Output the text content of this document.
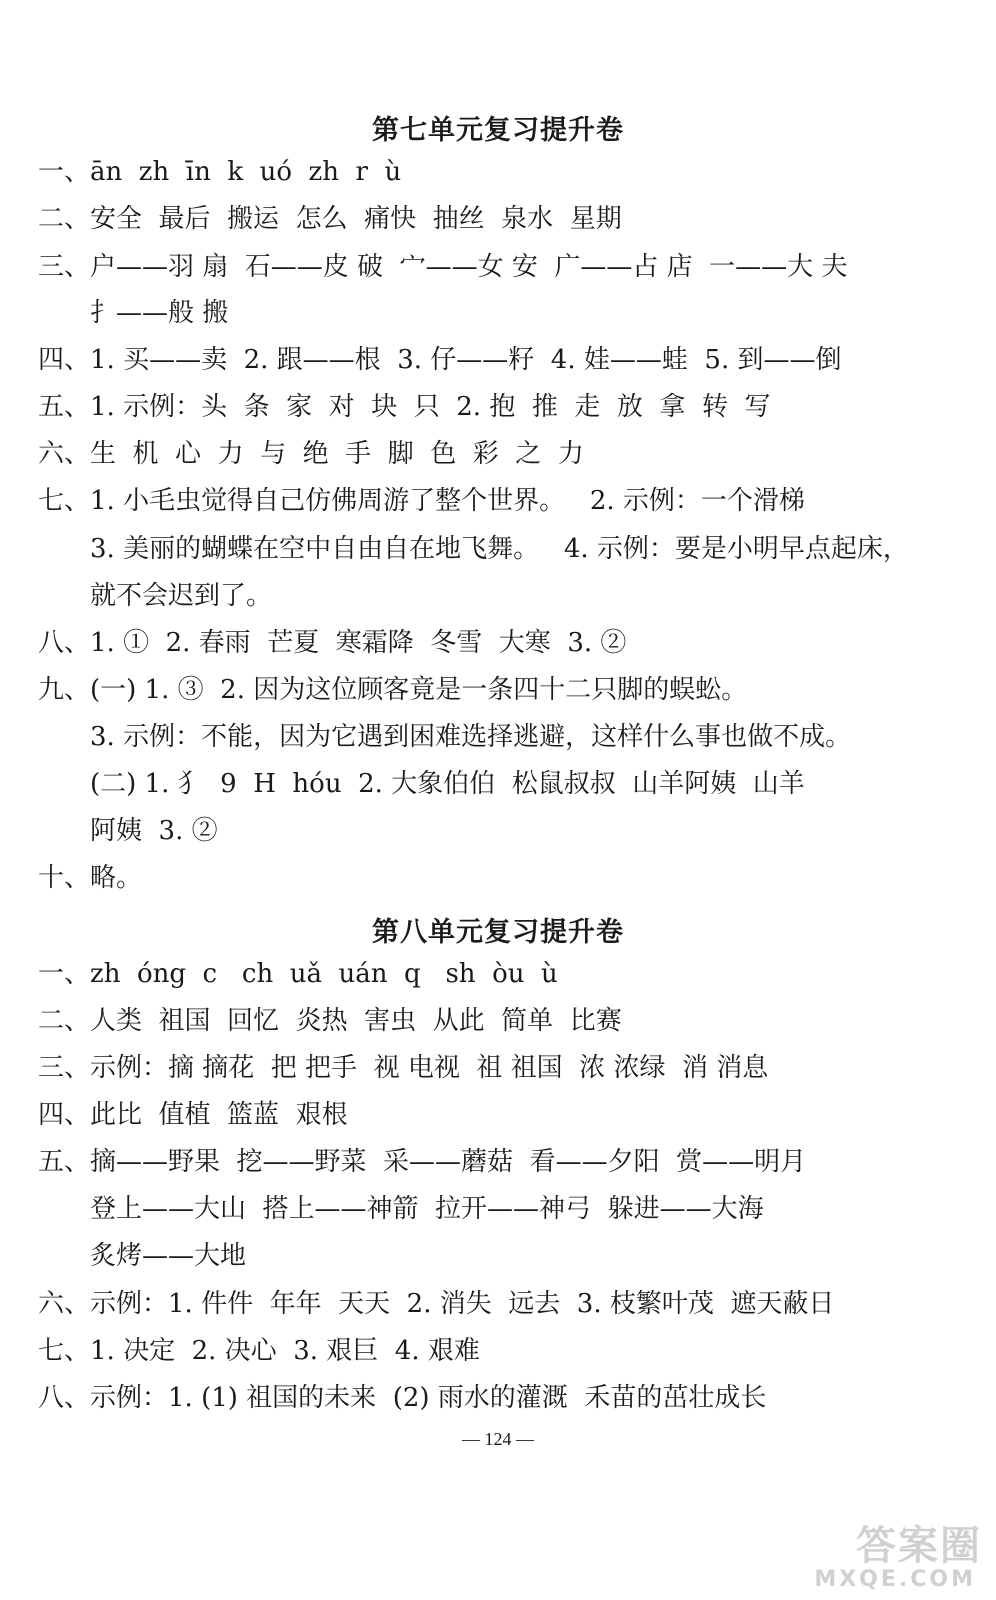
第七单元复习提升卷
一、ān  zh  īn  k  uó  zh  r  ù
二、安全  最后  搬运  怎么  痛快  抽丝  泉水  星期
三、户——羽 扇  石——皮 破  宀——女 安  广——占 店  一——大 夫
扌——般 搬
四、1. 买——卖  2. 跟——根  3. 仔——籽  4. 娃——蛙  5. 到——倒
五、1. 示例：头  条  家  对  块  只  2. 抱  推  走  放  拿  转  写
六、生  机  心  力  与  绝  手  脚  色  彩  之  力
七、1. 小毛虫觉得自己仿佛周游了整个世界。   2. 示例：一个滑梯
3. 美丽的蝴蝶在空中自由自在地飞舞。   4. 示例：要是小明早点起床，
就不会迟到了。
八、1. ①  2. 春雨  芒夏  寒霜降  冬雪  大寒  3. ②
九、(一) 1. ③  2. 因为这位顾客竟是一条四十二只脚的蜈蚣。
3. 示例：不能，因为它遇到困难选择逃避，这样什么事也做不成。
(二) 1. 犭  9  H  hóu  2. 大象伯伯  松鼠叔叔  山羊阿姨  山羊
阿姨  3. ②
十、略。
第八单元复习提升卷
一、zh  óng  c   ch  uǎ  uán  q   sh  òu  ù
二、人类  祖国  回忆  炎热  害虫  从此  简单  比赛
三、示例：摘 摘花  把 把手  视 电视  祖 祖国  浓 浓绿  消 消息
四、此比  值植  篮蓝  艰根
五、摘——野果  挖——野菜  采——蘑菇  看——夕阳  赏——明月
登上——大山  搭上——神箭  拉开——神弓  躲进——大海
炙烤——大地
六、示例：1. 件件  年年  天天  2. 消失  远去  3. 枝繁叶茂  遮天蔽日
七、1. 决定  2. 决心  3. 艰巨  4. 艰难
八、示例：1. (1) 祖国的未来  (2) 雨水的灌溉  禾苗的茁壮成长
— 124 —
答案圈
MXQE.COM
